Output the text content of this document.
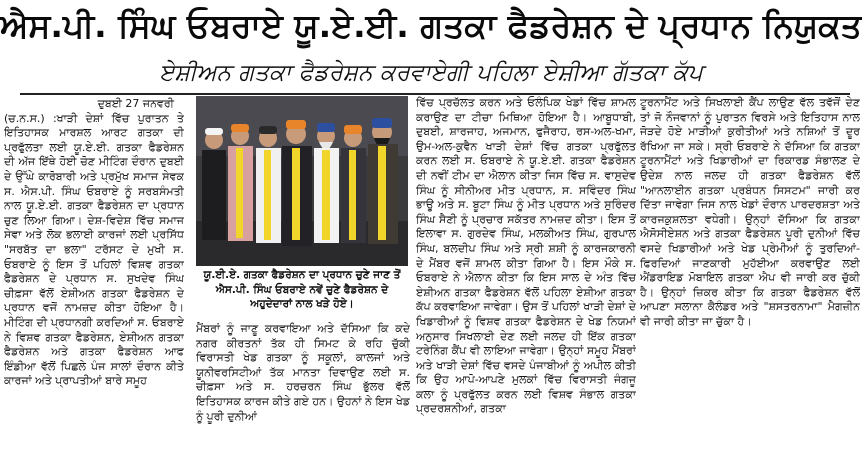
ਐਸ.ਪੀ. ਸਿੰਘ ਓਬਰਾਏ ਯੂ.ਏ.ਈ. ਗਤਕਾ ਫੈਡਰੇਸ਼ਨ ਦੇ ਪ੍ਰਧਾਨ ਨਿਯੁਕਤ
ਏਸ਼ੀਅਨ ਗਤਕਾ ਫੈਡਰੇਸ਼ਨ ਕਰਵਾਏਗੀ ਪਹਿਲਾ ਏਸ਼ੀਆ ਗੱਤਕਾ ਕੱਪ
ਦੁਬਈ 27 ਜਨਵਰੀ
(ਚ.ਨ.ਸ.) :ਖਾੜੀ ਦੇਸ਼ਾਂ ਵਿੱਚ ਪੁਰਾਤਨ ਤੇ ਇਤਿਹਾਸਕ ਮਾਰਸ਼ਲ ਆਰਟ ਗਤਕਾ ਦੀ ਪ੍ਰਫੁੱਲਤਾ ਲਈ ਯੂ.ਏ.ਈ. ਗਤਕਾ ਫੈਡਰੇਸ਼ਨ ਦੀ ਅੱਜ ਇੱਥੇ ਹੋਈ ਚੋਣ ਮੀਟਿੰਗ ਦੌਰਾਨ ਦੁਬਈ ਦੇ ਉੱਘੇ ਕਾਰੋਬਾਰੀ ਅਤੇ ਪ੍ਰਮੁੱਖ ਸਮਾਜ ਸੇਵਕ ਸ. ਐਸ.ਪੀ. ਸਿੰਘ ਓਬਰਾਏ ਨੂੰ ਸਰਬਸੰਮਤੀ ਨਾਲ ਯੂ.ਏ.ਈ. ਗਤਕਾ ਫੈਡਰੇਸ਼ਨ ਦਾ ਪ੍ਰਧਾਨ ਚੁਣ ਲਿਆ ਗਿਆ। ਦੇਸ਼-ਵਿਦੇਸ਼ ਵਿੱਚ ਸਮਾਜ ਸੇਵਾ ਅਤੇ ਲੋਕ ਭਲਾਈ ਕਾਰਜਾਂ ਲਈ ਪ੍ਰਸਿੱਧ "ਸਰਬੱਤ ਦਾ ਭਲਾ" ਟਰੱਸਟ ਦੇ ਮੁਖੀ ਸ. ਓਬਰਾਏ ਨੂੰ ਇਸ ਤੋਂ ਪਹਿਲਾਂ ਵਿਸ਼ਵ ਗਤਕਾ ਫੈਡਰੇਸ਼ਨ ਦੇ ਪ੍ਰਧਾਨ ਸ. ਸੁਖਦੇਵ ਸਿੰਘ ਚੀਫ਼ਸਾ ਵੱਲੋਂ ਏਸ਼ੀਅਨ ਗਤਕਾ ਫੈਡਰੇਸ਼ਨ ਦੇ ਪ੍ਰਧਾਨ ਵਜੋਂ ਨਾਮਜ਼ਦ ਕੀਤਾ ਹੋਇਆ ਹੈ। ਮੀਟਿੰਗ ਦੀ ਪ੍ਰਧਾਨਗੀ ਕਰਦਿਆਂ ਸ. ਓਬਰਾਏ ਨੇ ਵਿਸ਼ਵ ਗਤਕਾ ਫੈਡਰੇਸ਼ਨ, ਏਸ਼ੀਅਨ ਗਤਕਾ ਫੈਡਰੇਸ਼ਨ ਅਤੇ ਗਤਕਾ ਫੈਡਰੇਸ਼ਨ ਆਫ ਇੰਡੀਆ ਵੱਲੋਂ ਪਿਛਲੇ ਪੰਜ ਸਾਲਾਂ ਦੌਰਾਨ ਕੀਤੇ ਕਾਰਜਾਂ ਅਤੇ ਪ੍ਰਾਪਤੀਆਂ ਬਾਰੇ ਸਮੂਹ
ਯੂ.ਈ.ਏ. ਗਤਕਾ ਫੈਡਰੇਸ਼ਨ ਦਾ ਪ੍ਰਧਾਨ ਚੁਣੇ ਜਾਣ ਤੋਂ ਐਸ.ਪੀ. ਸਿੰਘ ਓਬਰਾਏ ਨਵੇਂ ਚੁਣੇ ਫੈਡਰੇਸ਼ਨ ਦੇ ਅਹੁਦੇਦਾਰਾਂ ਨਾਲ ਖੜੇ ਹੋਏ।
ਮੈਂਬਰਾਂ ਨੂੰ ਜਾਣੂ ਕਰਵਾਇਆ ਅਤੇ ਦੱਸਿਆ ਕਿ ਕਦੇ ਨਗਰ ਕੀਰਤਨਾਂ ਤੱਕ ਹੀ ਸਿਮਟ ਕੇ ਰਹਿ ਚੁੱਕੀ ਵਿਰਾਸਤੀ ਖੇਡ ਗਤਕਾ ਨੂੰ ਸਕੂਲਾਂ, ਕਾਲਜਾਂ ਅਤੇ ਯੂਨੀਵਰਸਿਟੀਆਂ ਤੱਕ ਮਾਨਤਾ ਦਿਵਾਉਣ ਲਈ ਸ. ਚੀਫ਼ਸਾ ਅਤੇ ਸ. ਹਰਚਰਨ ਸਿੰਘ ਭੁੱਲਰ ਵੱਲੋਂ ਇਤਿਹਾਸਕ ਕਾਰਜ ਕੀਤੇ ਗਏ ਹਨ। ਉਹਨਾਂ ਨੇ ਇਸ ਖੇਡ ਨੂੰ ਪੂਰੀ ਦੁਨੀਆਂ
ਵਿੱਚ ਪ੍ਰਚੱਲਤ ਕਰਨ ਅਤੇ ਓਲੰਪਿਕ ਖੇਡਾਂ ਵਿੱਚ ਸ਼ਾਮਲ ਕਰਾਉਣ ਦਾ ਟੀਚਾ ਮਿਥਿਆ ਹੋਇਆ ਹੈ। ਆਬੂਧਾਬੀ, ਦੁਬਈ, ਸ਼ਾਰਜਾਹ, ਅਜਮਾਨ, ਫੁਜੈਰਾਹ, ਰਸ-ਅਲ-ਖਮਾ, ਉਮ-ਅਲ-ਕੁਵੈਨ ਖਾੜੀ ਦੇਸ਼ਾਂ ਵਿੱਚ ਗਤਕਾ ਪ੍ਰਫੁੱਲਤ ਕਰਨ ਲਈ ਸ. ਓਬਰਾਏ ਨੇ ਯੂ.ਏ.ਈ. ਗਤਕਾ ਫੈਡਰੇਸ਼ਨ ਦੀ ਨਵੀਂ ਟੀਮ ਦਾ ਐਲਾਨ ਕੀਤਾ ਜਿਸ ਵਿੱਚ ਸ. ਵਾਸੁਦੇਵ ਸਿੰਘ ਨੂੰ ਸੀਨੀਅਰ ਮੀਤ ਪ੍ਰਧਾਨ, ਸ. ਸਵਿੰਦਰ ਸਿੰਘ ਭਾਊ ਅਤੇ ਸ. ਬੂਟਾ ਸਿੰਘ ਨੂੰ ਮੀਤ ਪ੍ਰਧਾਨ ਅਤੇ ਸੁਰਿੰਦਰ ਸਿੰਘ ਸੈਣੀ ਨੂੰ ਪ੍ਰਚਾਰ ਸਕੱਤਰ ਨਾਮਜ਼ਦ ਕੀਤਾ। ਇਸ ਤੋਂ ਇਲਾਵਾ ਸ. ਗੁਰਦੇਵ ਸਿੰਘ, ਮਲਕੀਅਤ ਸਿੰਘ, ਗੁਰਪਾਲ ਸਿੰਘ, ਬਲਦੀਪ ਸਿੰਘ ਅਤੇ ਸ੍ਰੀ ਸ਼ਸ਼ੀ ਨੂੰ ਕਾਰਜਕਾਰਨੀ ਦੇ ਮੈਂਬਰ ਵਜੋਂ ਸ਼ਾਮਲ ਕੀਤਾ ਗਿਆ ਹੈ। ਇਸ ਮੌਕੇ ਸ. ਓਬਰਾਏ ਨੇ ਐਲਾਨ ਕੀਤਾ ਕਿ ਇਸ ਸਾਲ ਦੇ ਅੰਤ ਵਿੱਚ ਏਸ਼ੀਅਨ ਗਤਕਾ ਫੈਡਰੇਸ਼ਨ ਵੱਲੋਂ ਪਹਿਲਾ ਏਸ਼ੀਆ ਗਤਕਾ ਕੱਪ ਕਰਵਾਇਆ ਜਾਵੇਗਾ। ਉਸ ਤੋਂ ਪਹਿਲਾਂ ਖਾੜੀ ਦੇਸ਼ਾਂ ਦੇ ਖਿਡਾਰੀਆਂ ਨੂੰ ਵਿਸ਼ਵ ਗਤਕਾ ਫੈਡਰੇਸ਼ਨ ਦੇ ਖੇਡ ਨਿਯਮਾਂ ਅਨੁਸਾਰ ਸਿਖਲਾਈ ਦੇਣ ਲਈ ਜਲਦ ਹੀ ਇੱਕ ਗਤਕਾ ਟਰੇਨਿੰਗ ਕੈਂਪ ਵੀ ਲਾਇਆ ਜਾਵੇਗਾ। ਉਨ੍ਹਾਂ ਸਮੂਹ ਮੈਂਬਰਾਂ ਅਤੇ ਖਾੜੀ ਦੇਸ਼ਾਂ ਵਿੱਚ ਵਸਦੇ ਪੰਜਾਬੀਆਂ ਨੂੰ ਅਪੀਲ ਕੀਤੀ ਕਿ ਉਹ ਆਪੋ-ਆਪਣੇ ਮੁਲਕਾਂ ਵਿੱਚ ਵਿਰਾਸਤੀ ਜੰਗਜੂ ਕਲਾ ਨੂੰ ਪ੍ਰਫੁੱਲਤ ਕਰਨ ਲਈ ਵਿਸ਼ਵ ਸੰਭਾਲ ਗਤਕਾ ਪ੍ਰਦਰਸ਼ਨੀਆਂ, ਗਤਕਾ
ਟੂਰਨਾਮੈਂਟ ਅਤੇ ਸਿਖਲਾਈ ਕੈਂਪ ਲਾਉਣ ਵੱਲ ਤਵੱਜੋਂ ਦੇਣ ਤਾਂ ਜੋ ਨੌਜਵਾਨਾਂ ਨੂੰ ਪੁਰਾਤਨ ਵਿਰਸੇ ਅਤੇ ਇਤਿਹਾਸ ਨਾਲ ਜੋੜਦੇ ਹੋਏ ਮਾੜੀਆਂ ਕੁਰੀਤੀਆਂ ਅਤੇ ਨਸ਼ਿਆਂ ਤੋਂ ਦੂਰ ਰੱਖਿਆ ਜਾ ਸਕੇ। ਸ੍ਰੀ ਓਬਰਾਏ ਨੇ ਦੱਸਿਆ ਕਿ ਗਤਕਾ ਟੂਰਨਾਮੈਂਟਾਂ ਅਤੇ ਖਿਡਾਰੀਆਂ ਦਾ ਰਿਕਾਰਡ ਸੰਭਾਲਣ ਦੇ ਉਦੇਸ਼ ਨਾਲ ਜਲਦ ਹੀ ਗਤਕਾ ਫੈਡਰੇਸ਼ਨ ਵੱਲੋਂ "ਆਨਲਾਈਨ ਗਤਕਾ ਪ੍ਰਬੰਧਨ ਸਿਸਟਮ" ਜਾਰੀ ਕਰ ਦਿੱਤਾ ਜਾਵੇਗਾ ਜਿਸ ਨਾਲ ਖੇਡਾਂ ਦੌਰਾਨ ਪਾਰਦਰਸ਼ਤਾ ਅਤੇ ਕਾਰਜਕੁਸ਼ਲਤਾ ਵਧੇਗੀ। ਉਨ੍ਹਾਂ ਦੱਸਿਆ ਕਿ ਗਤਕਾ ਐਸੋਸੀਏਸ਼ਨ ਅਤੇ ਗਤਕਾ ਫੈਡਰੇਸ਼ਨ ਪੂਰੀ ਦੁਨੀਆਂ ਵਿੱਚ ਵਸਦੇ ਖਿਡਾਰੀਆਂ ਅਤੇ ਖੇਡ ਪ੍ਰੇਮੀਆਂ ਨੂੰ ਤੁਰਦਿਆਂ-ਫਿਰਦਿਆਂ ਜਾਣਕਾਰੀ ਮੁਹੱਈਆ ਕਰਵਾਉਣ ਲਈ ਐਂਡਰਾਇਡ ਮੋਬਾਇਲ ਗਤਕਾ ਐਪ ਵੀ ਜਾਰੀ ਕਰ ਚੁੱਕੀ ਹੈ। ਉਨ੍ਹਾਂ ਜ਼ਿਕਰ ਕੀਤਾ ਕਿ ਗਤਕਾ ਫੈਡਰੇਸ਼ਨ ਵੱਲੋਂ ਆਪਣਾ ਸਲਾਨਾ ਕੈਲੰਡਰ ਅਤੇ "ਸ਼ਸਤਰਨਾਮਾ" ਮੈਗਜ਼ੀਨ ਵੀ ਜਾਰੀ ਕੀਤਾ ਜਾ ਚੁੱਕਾ ਹੈ।
